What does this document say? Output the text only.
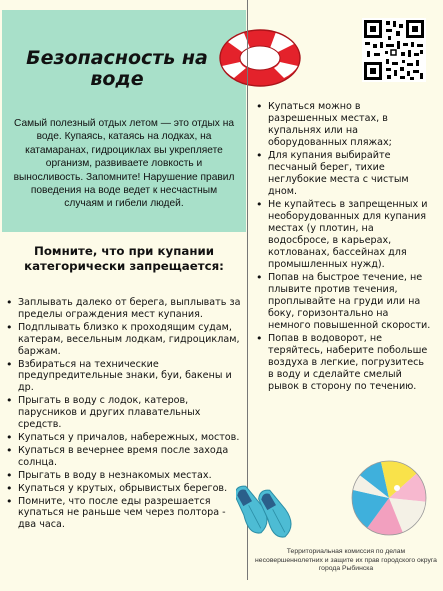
Безопасность на воде
Самый полезный отдых летом — это отдых на воде. Купаясь, катаясь на лодках, на катамаранах, гидроциклах вы укрепляете организм, развиваете ловкость и выносливость. Запомните! Нарушение правил поведения на воде ведет к несчастным случаям и гибели людей.
Помните, что при купании категорически запрещается:
• Заплывать далеко от берега, выплывать за пределы ограждения мест купания.
• Подплывать близко к проходящим судам, катерам, весельным лодкам, гидроциклам, баржам.
• Взбираться на технические предупредительные знаки, буи, бакены и др.
• Прыгать в воду с лодок, катеров, парусников и других плавательных средств.
• Купаться у причалов, набережных, мостов.
• Купаться в вечернее время после захода солнца.
• Прыгать в воду в незнакомых местах.
• Купаться у крутых, обрывистых берегов.
• Помните, что после еды разрешается купаться не раньше чем через полтора - два часа.
• Купаться можно в разрешенных местах, в купальнях или на оборудованных пляжах;
• Для купания выбирайте песчаный берег, тихие неглубокие места с чистым дном.
• Не купайтесь в запрещенных и необорудованных для купания местах (у плотин, на водосбросе, в карьерах, котлованах, бассейнах для промышленных нужд).
• Попав на быстрое течение, не плывите против течения, проплывайте на груди или на боку, горизонтально на немного повышенной скорости.
• Попав в водоворот, не теряйтесь, наберите побольше воздуха в легкие, погрузитесь в воду и сделайте смелый рывок в сторону по течению.
Территориальная комиссия по делам несовершеннолетних и защите их прав городского округа города Рыбинска
